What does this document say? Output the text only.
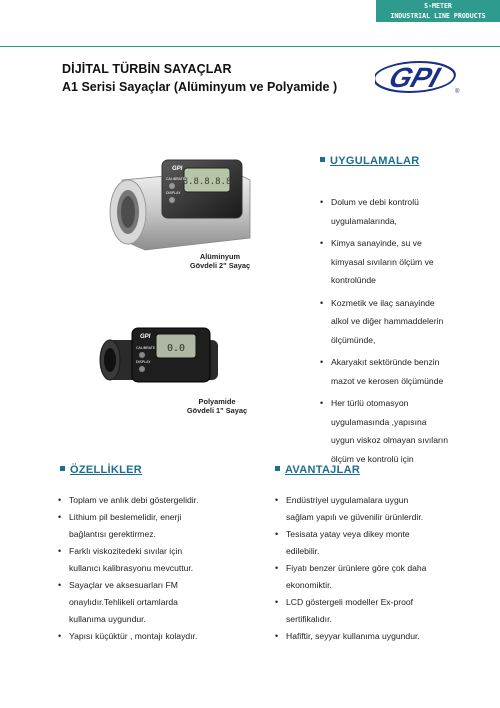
S-METER
INDUSTRIAL LINE PRODUCTS
DİJİTAL TÜRBİN SAYAÇLAR
A1 Serisi Sayaçlar (Alüminyum ve Polyamide ) GPI ®
8.8.8.8.8
GPI
CALIBRATE
DISPLAY
Alüminyum
Gövdeli 2" Sayaç
0.0
GPI
CALIBRATE
DISPLAY
Polyamide
Gövdeli 1" Sayaç
UYGULAMALAR
• Dolum ve debi kontrolü
uygulamalarında,
• Kimya sanayinde, su ve
kimyasal sıvıların ölçüm ve
kontrolünde
• Kozmetik ve ilaç sanayinde
alkol ve diğer hammaddelerin
ölçümünde,
• Akaryakıt sektöründe benzin
mazot ve kerosen ölçümünde
• Her türlü otomasyon
uygulamasında ,yapısına
uygun viskoz olmayan sıvıların
ölçüm ve kontrolü için
ÖZELLİKLER
• Toplam ve anlık debi göstergelidir.
• Lithium pil beslemelidir, enerji
bağlantısı gerektirmez.
• Farklı viskozitedeki sıvılar için
kullanıcı kalibrasyonu mevcuttur.
• Sayaçlar ve aksesuarları FM
onaylıdır.Tehlikeli ortamlarda
kullanıma uygundur.
• Yapısı küçüktür , montajı kolaydır.
AVANTAJLAR
• Endüstriyel uygulamalara uygun
sağlam yapılı ve güvenilir ürünlerdir.
• Tesisata yatay veya dikey monte
edilebilir.
• Fiyatı benzer ürünlere göre çok daha
ekonomiktir.
• LCD göstergeli modeller Ex-proof
sertifikalıdır.
• Hafiftir, seyyar kullanıma uygundur.
